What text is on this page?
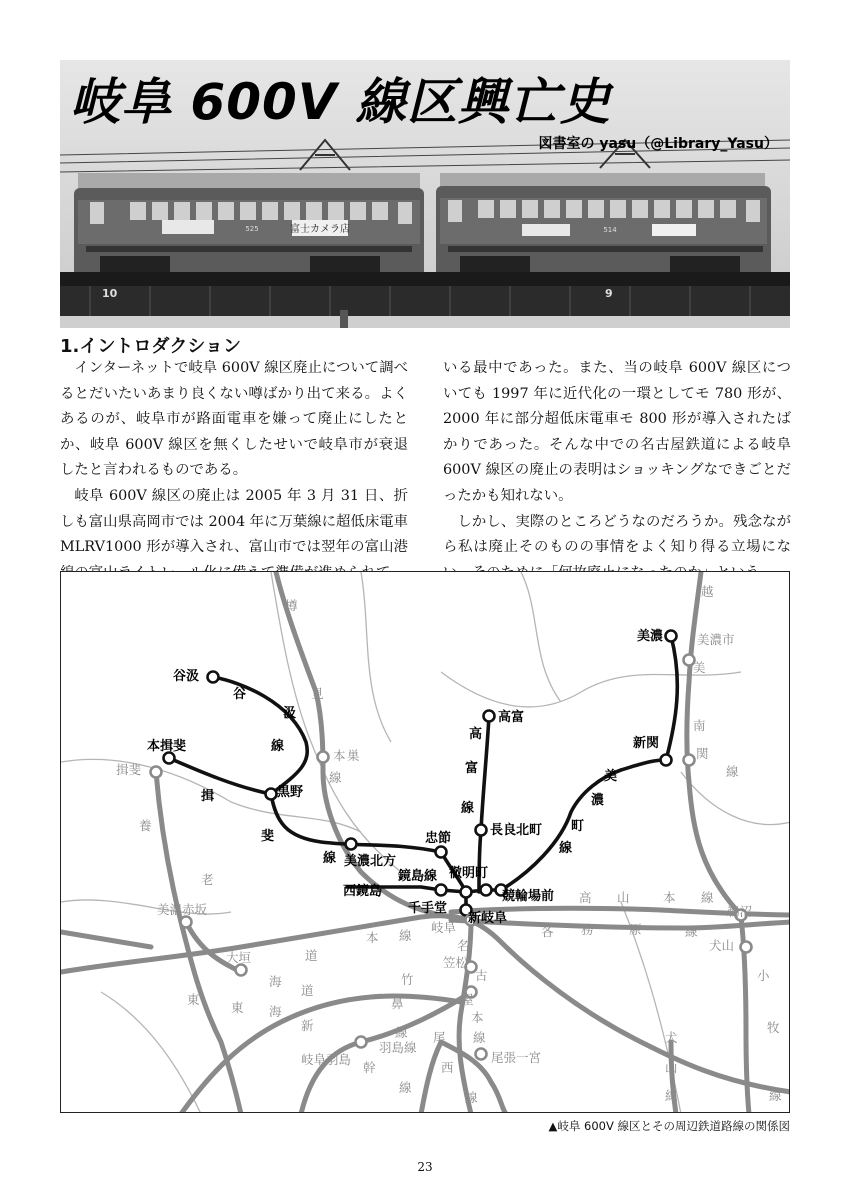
富士カメラ店
525	514
10	9
岐阜 600V 線区興亡史
図書室の yasu（@Library_Yasu）
1.イントロダクション

インターネットで岐阜 600V 線区廃止について調べるとだいたいあまり良くない噂ばかり出て来る。よくあるのが、岐阜市が路面電車を嫌って廃止にしたとか、岐阜 600V 線区を無くしたせいで岐阜市が衰退したと言われるものである。

岐阜 600V 線区の廃止は 2005 年 3 月 31 日、折しも富山県高岡市では 2004 年に万葉線に超低床電車 MLRV1000 形が導入され、富山市では翌年の富山港

いる最中であった。また、当の岐阜 600V 線区についても 1997 年に近代化の一環としてモ 780 形が、2000 年に部分超低床電車モ 800 形が導入されたばかりであった。そんな中での名古屋鉄道による岐阜 600V 線区の廃止の表明はショッキングなできごとだったかも知れない。

しかし、実際のところどうなのだろうか。残念ながら私は廃止そのものの事情をよく知り得る立場にな

谷汲
本揖斐
黒野
美濃北方
忠節
西鏡島
千手堂
徹明町
新岐阜
競輪場前
長良北町
高富
新関
美濃
谷
汲
線
揖
斐
線
高
富
線
美
濃
町
線
鏡島線
揖斐
美濃赤坂
大垣
岐阜
笠松
岐阜羽島	尾張一宮
鵜沼
犬山
美濃市
樽
見
本 巣
線
養
老
東
海
道
本 線
東 海
道
新
幹
線
高 山	本 線
各 務	原	線
名
古
屋
本
線
尾
西
線
羽島線
竹
鼻
線	犬
山
線
小
牧
線
越
美
南
関
線
▲岐阜 600V 線区とその周辺鉄道路線の関係図
23
